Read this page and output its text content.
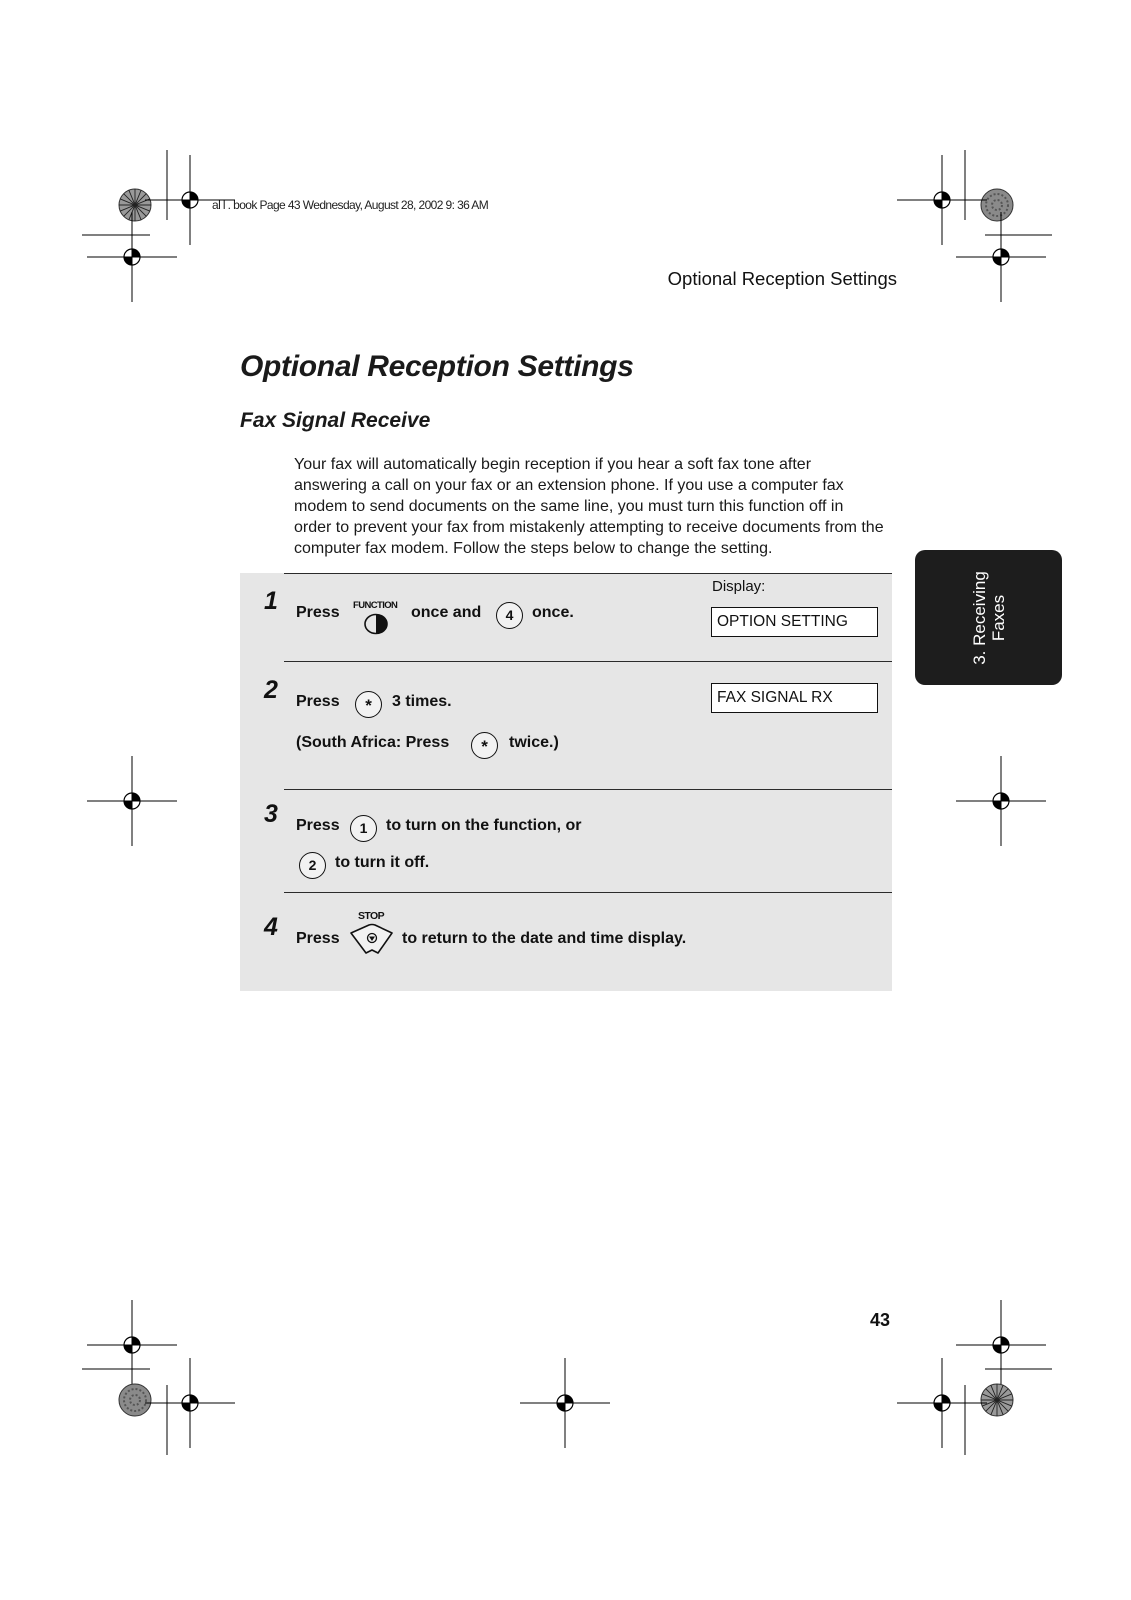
al l . book Page 43 Wednesday, August 28, 2002 9: 36 AM
Optional Reception Settings
Optional Reception Settings
Fax Signal Receive

Your fax will automatically begin reception if you hear a soft fax tone after answering a call on your fax or an extension phone. If you use a computer fax modem to send documents on the same line, you must turn this function off in order to prevent your fax from mistakenly attempting to receive documents from the computer fax modem. Follow the steps below to change the setting.

3. Receiving Faxes
Display:
1 Press FUNCTION once and	4	once.
OPTION SETTING
2 Press	*	3 times.	FAX SIGNAL RX
(South Africa: Press	*	twice.)
3 Press	1	to turn on the function, or
2	to turn it off.
4 Press
STOP
to return to the date and time display.
43
